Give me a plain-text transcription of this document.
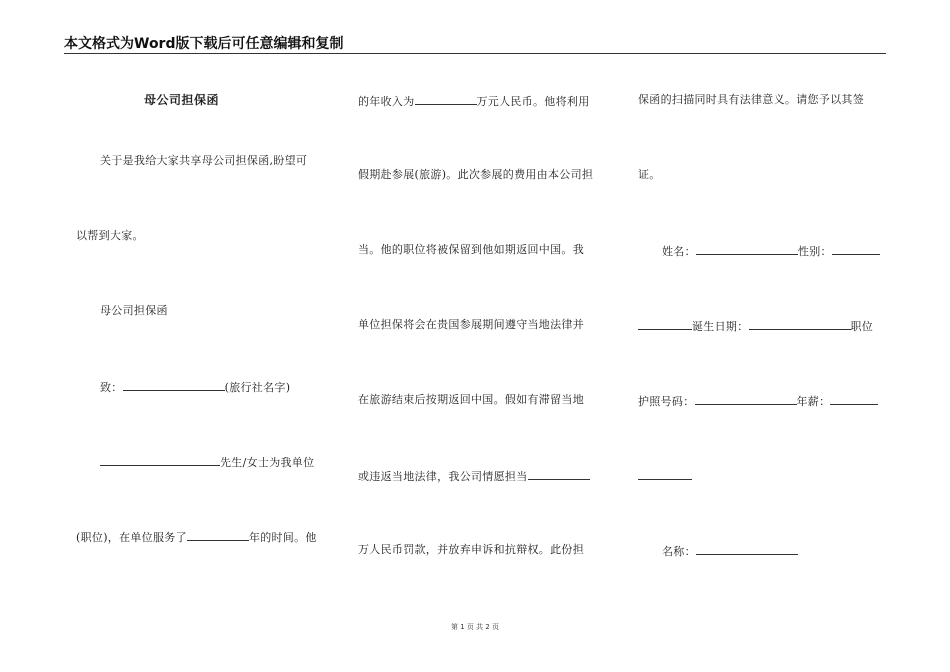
本文格式为Word版下载后可任意编辑和复制
母公司担保函
关于是我给大家共享母公司担保函,盼望可
以帮到大家。
母公司担保函
致：	(旅行社名字)
先生/女士为我单位
(职位)，在单位服务了	年的时间。他
的年收入为	万元人民币。他将利用
假期赴参展(旅游)。此次参展的费用由本公司担
当。他的职位将被保留到他如期返回中国。我
单位担保将会在贵国参展期间遵守当地法律并
在旅游结束后按期返回中国。假如有滞留当地
或违返当地法律，我公司情愿担当
万人民币罚款，并放弃申诉和抗辩权。此份担
保函的扫描同时具有法律意义。请您予以其签
证。
姓名：	性别：
诞生日期：	职位
护照号码：	年薪：
名称：
第 1 页 共 2 页
